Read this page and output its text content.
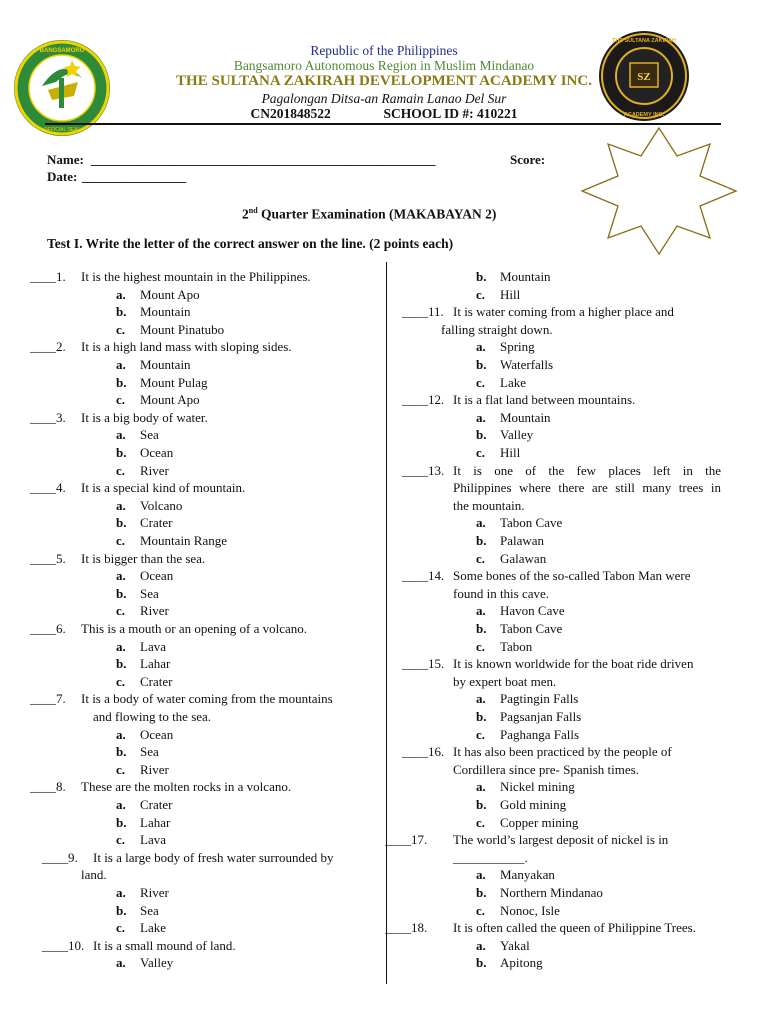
BANGSAMORO
OFFICIAL SEAL
SZ
THE SULTANA ZAKIRAH
ACADEMY INC.
Republic of the Philippines
Bangsamoro Autonomous Region in Muslim Mindanao
THE SULTANA ZAKIRAH DEVELOPMENT ACADEMY INC.
Pagalongan Ditsa-an Ramain Lanao Del Sur
CN201848522	SCHOOL ID #: 410221
Name: _____________________________________________________	Score:
Date: ________________
2nd Quarter Examination (MAKABAYAN 2)
Test I. Write the letter of the correct answer on the line. (2 points each)
____1. It is the highest mountain in the Philippines.
a. Mount Apo
b. Mountain
c. Mount Pinatubo
____2. It is a high land mass with sloping sides.
a. Mountain
b. Mount Pulag
c. Mount Apo
____3. It is a big body of water.
a. Sea
b. Ocean
c. River
____4. It is a special kind of mountain.
a. Volcano
b. Crater
c. Mountain Range
____5. It is bigger than the sea.
a. Ocean
b. Sea
c. River
____6. This is a mouth or an opening of a volcano.
a. Lava
b. Lahar
c. Crater
____7. It is a body of water coming from the mountains
and flowing to the sea.
a. Ocean
b. Sea
c. River
____8. These are the molten rocks in a volcano.
a. Crater
b. Lahar
c. Lava
____9. It is a large body of fresh water surrounded by
land.
a. River
b. Sea
c. Lake
____10. It is a small mound of land.
a. Valley
b. Mountain
c. Hill
____11. It is water coming from a higher place and
falling straight down.
a. Spring
b. Waterfalls
c. Lake
____12. It is a flat land between mountains.
a. Mountain
b. Valley
c. Hill
____13. It is one of the few places left in the
Philippines where there are still many trees in
the mountain.
a. Tabon Cave
b. Palawan
c. Galawan
____14. Some bones of the so-called Tabon Man were
found in this cave.
a. Havon Cave
b. Tabon Cave
c. Tabon
____15. It is known worldwide for the boat ride driven
by expert boat men.
a. Pagtingin Falls
b. Pagsanjan Falls
c. Paghanga Falls
____16. It has also been practiced by the people of
Cordillera since pre- Spanish times.
a. Nickel mining
b. Gold mining
c. Copper mining
____17. The world’s largest deposit of nickel is in
___________.
a. Manyakan
b. Northern Mindanao
c. Nonoc, Isle
____18. It is often called the queen of Philippine Trees.
a. Yakal
b. Apitong
